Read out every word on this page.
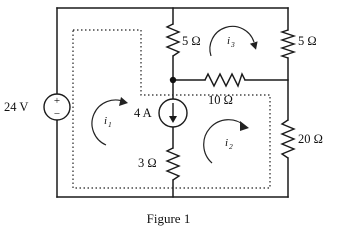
+
−
24 V	4 A
5 Ω	5 Ω
10 Ω
20 Ω
3 Ω
i 3
i 1
i 2
Figure 1
